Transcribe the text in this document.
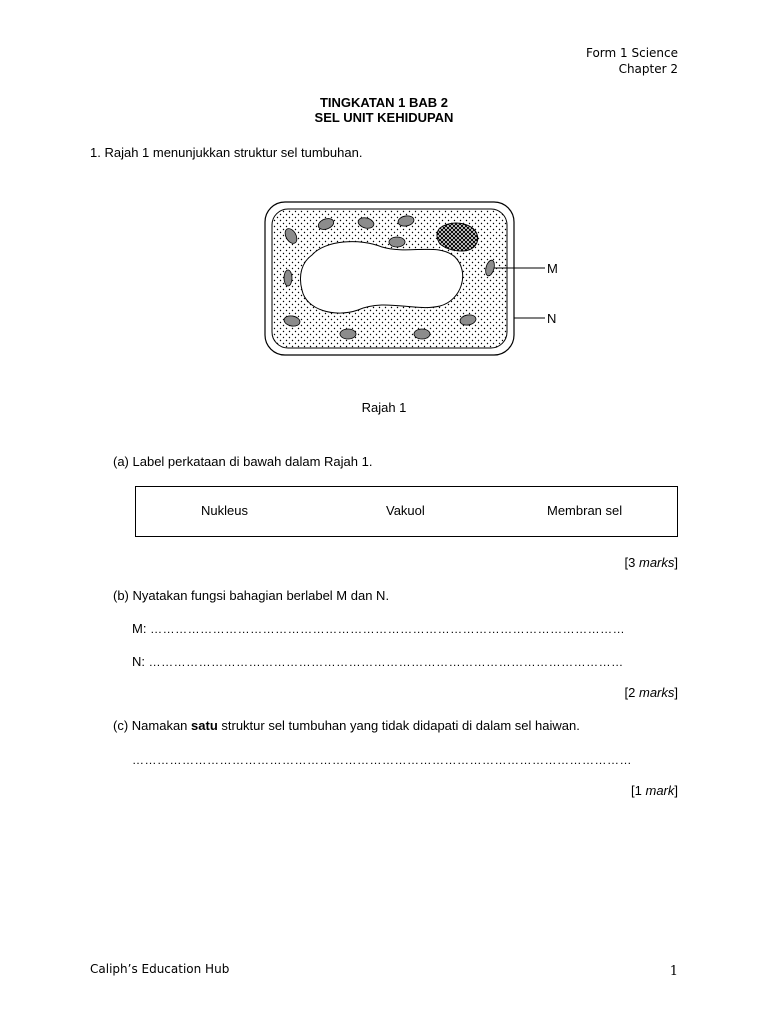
Form 1 Science
Chapter 2
TINGKATAN 1 BAB 2
SEL UNIT KEHIDUPAN
1. Rajah 1 menunjukkan struktur sel tumbuhan.
M
N
Rajah 1
(a) Label perkataan di bawah dalam Rajah 1.
Nukleus	Vakuol	Membran sel
[3 marks]
(b) Nyatakan fungsi bahagian berlabel M dan N.
M: ……………………………………………………………………………………………………
N: ……………………………………………………………………………………………………
[2 marks]
(c) Namakan satu struktur sel tumbuhan yang tidak didapati di dalam sel haiwan.
…………………………………………………………………………………………………………
[1 mark]
Caliph’s Education Hub	1
